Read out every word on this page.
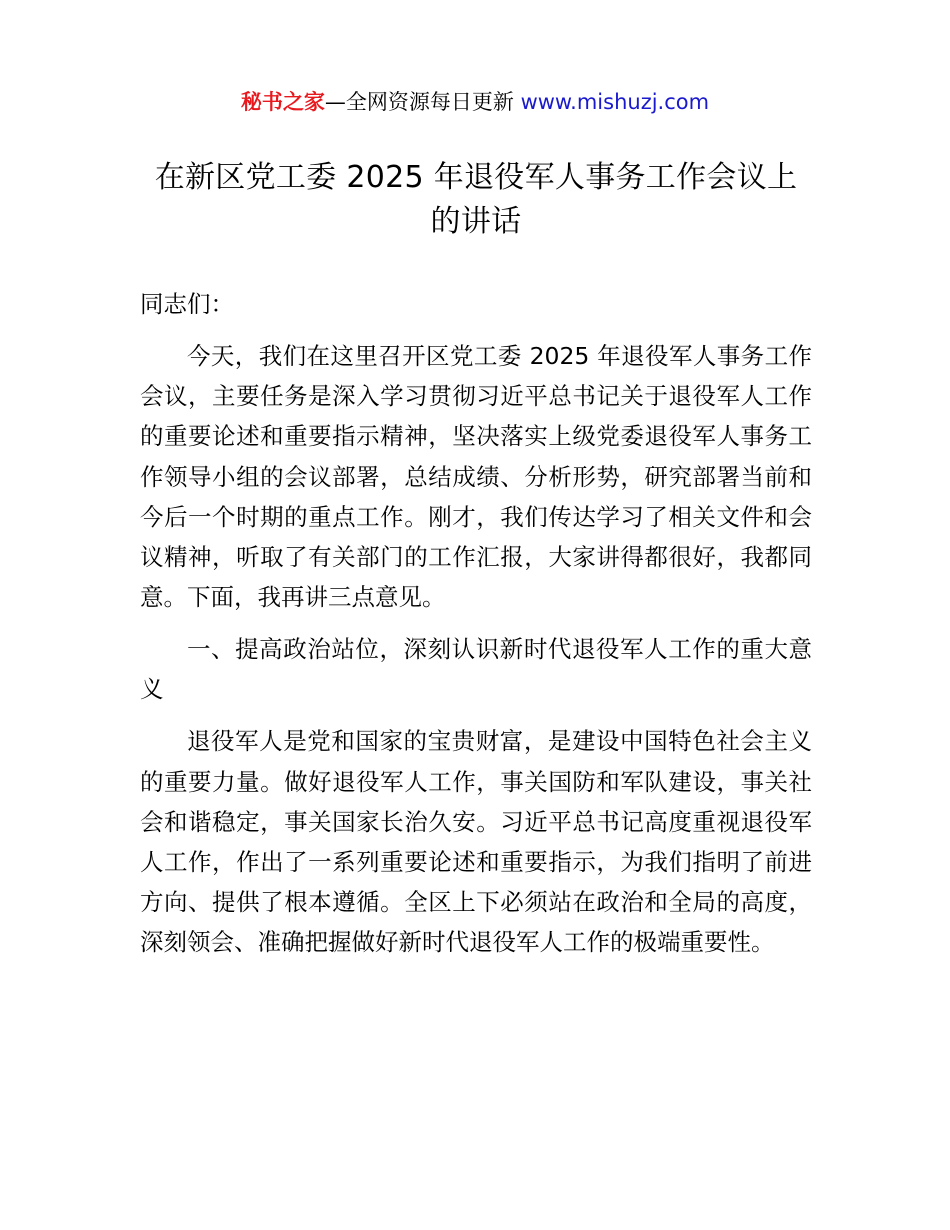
秘书之家—全网资源每日更新 www.mishuzj.com
在新区党工委 2025 年退役军人事务工作会议上的讲话

同志们：

今天，我们在这里召开区党工委 2025 年退役军人事务工作会议，主要任务是深入学习贯彻习近平总书记关于退役军人工作的重要论述和重要指示精神，坚决落实上级党委退役军人事务工作领导小组的会议部署，总结成绩、分析形势，研究部署当前和今后一个时期的重点工作。刚才，我们传达学习了相关文件和会议精神，听取了有关部门的工作汇报，大家讲得都很好，我都同意。下面，我再讲三点意见。

一、提高政治站位，深刻认识新时代退役军人工作的重大意义

退役军人是党和国家的宝贵财富，是建设中国特色社会主义的重要力量。做好退役军人工作，事关国防和军队建设，事关社会和谐稳定，事关国家长治久安。习近平总书记高度重视退役军人工作，作出了一系列重要论述和重要指示，为我们指明了前进方向、提供了根本遵循。全区上下必须站在政治和全局的高度，深刻领会、准确把握做好新时代退役军人工作的极端重要性。
